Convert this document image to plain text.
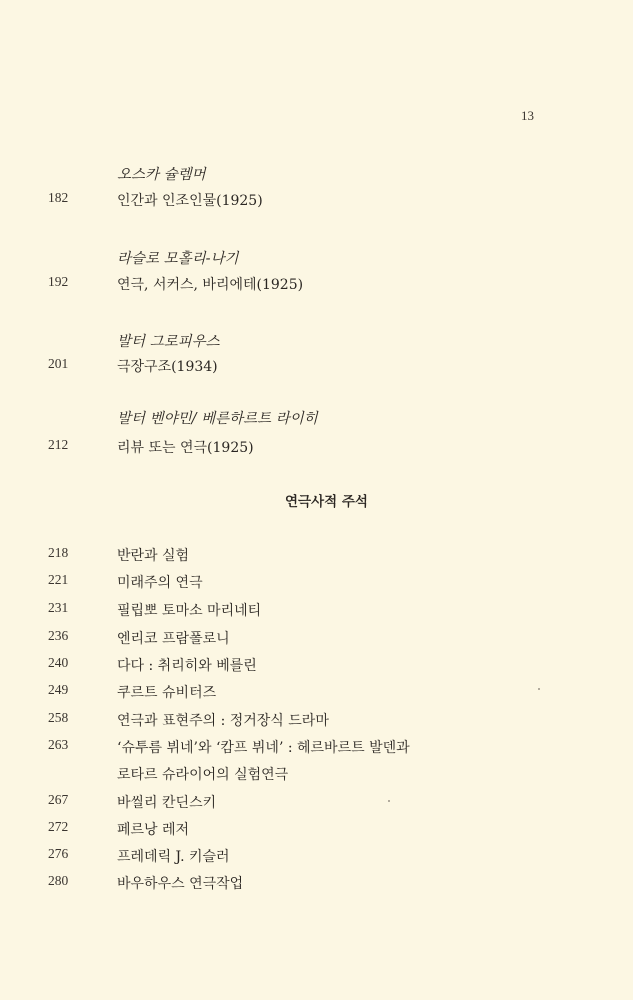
13
오스카 슐렘머
182	인간과 인조인물(1925)
라슬로 모홀리-나기
192	연극, 서커스, 바리에테(1925)
발터 그로피우스
201	극장구조(1934)
발터 벤야민/ 베른하르트 라이히
212	리뷰 또는 연극(1925)
연극사적 주석
218	반란과 실험
221	미래주의 연극
231	필립뽀 토마소 마리네티
236	엔리코 프람폴로니
240	다다 : 취리히와 베를린
249	쿠르트 슈비터즈
258	연극과 표현주의 : 정거장식 드라마
263	‘슈투름 뷔네’와 ‘캄프 뷔네’ : 헤르바르트 발덴과
로타르 슈라이어의 실험연극
267	바씰리 칸딘스키
272	페르낭 레저
276	프레데릭 J. 키슬러
280	바우하우스 연극작업
